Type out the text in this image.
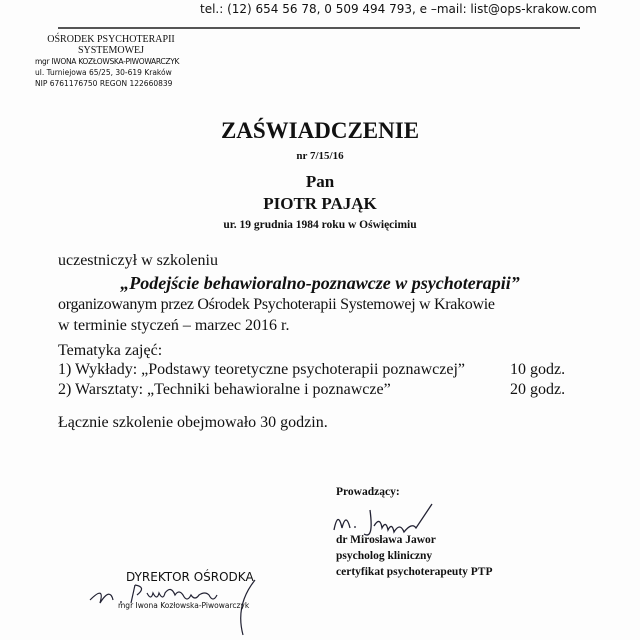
tel.: (12) 654 56 78, 0 509 494 793, e –mail: list@ops-krakow.com
OŚRODEK PSYCHOTERAPII
SYSTEMOWEJ
mgr IWONA KOZŁOWSKA-PIWOWARCZYK
ul. Turniejowa 65/25, 30-619 Kraków
NIP 6761176750 REGON 122660839
ZAŚWIADCZENIE
nr 7/15/16
Pan
PIOTR PAJĄK
ur. 19 grudnia 1984 roku w Oświęcimiu
uczestniczył w szkoleniu
„Podejście behawioralno-poznawcze w psychoterapii”
organizowanym przez Ośrodek Psychoterapii Systemowej w Krakowie
w terminie styczeń – marzec 2016 r.
Tematyka zajęć:
1) Wykłady: „Podstawy teoretyczne psychoterapii poznawczej”	10 godz.
2) Warsztaty: „Techniki behawioralne i poznawcze”	20 godz.
Łącznie szkolenie obejmowało 30 godzin.
Prowadzący:
dr Mirosława Jawor
psycholog kliniczny
certyfikat psychoterapeuty PTP
DYREKTOR OŚRODKA
mgr Iwona Kozłowska-Piwowarczyk
